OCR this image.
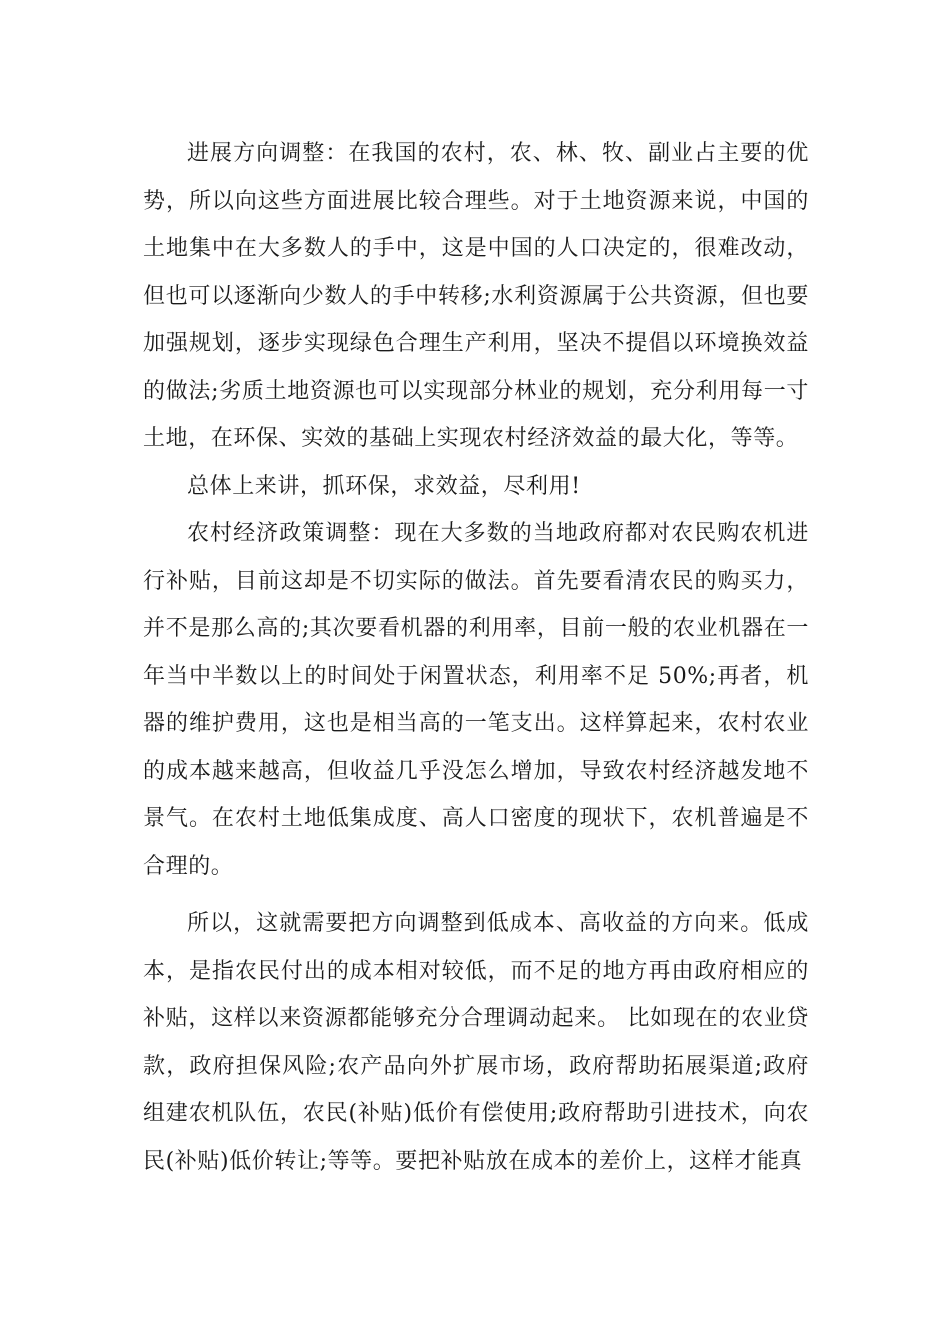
进展方向调整：在我国的农村，农、林、牧、副业占主要的优势，所以向这些方面进展比较合理些。对于土地资源来说，中国的土地集中在大多数人的手中，这是中国的人口决定的，很难改动，但也可以逐渐向少数人的手中转移;水利资源属于公共资源，但也要加强规划，逐步实现绿色合理生产利用，坚决不提倡以环境换效益的做法;劣质土地资源也可以实现部分林业的规划，充分利用每一寸土地，在环保、实效的基础上实现农村经济效益的最大化，等等。

总体上来讲，抓环保，求效益，尽利用!

农村经济政策调整：现在大多数的当地政府都对农民购农机进行补贴，目前这却是不切实际的做法。首先要看清农民的购买力，并不是那么高的;其次要看机器的利用率，目前一般的农业机器在一年当中半数以上的时间处于闲置状态，利用率不足 50%;再者，机器的维护费用，这也是相当高的一笔支出。这样算起来，农村农业的成本越来越高，但收益几乎没怎么增加，导致农村经济越发地不景气。在农村土地低集成度、高人口密度的现状下，农机普遍是不合理的。

所以，这就需要把方向调整到低成本、高收益的方向来。低成本，是指农民付出的成本相对较低，而不足的地方再由政府相应的补贴，这样以来资源都能够充分合理调动起来。 比如现在的农业贷款，政府担保风险;农产品向外扩展市场，政府帮助拓展渠道;政府组建农机队伍，农民(补贴)低价有偿使用;政府帮助引进技术，向农民(补贴)低价转让;等等。要把补贴放在成本的差价上，这样才能真
